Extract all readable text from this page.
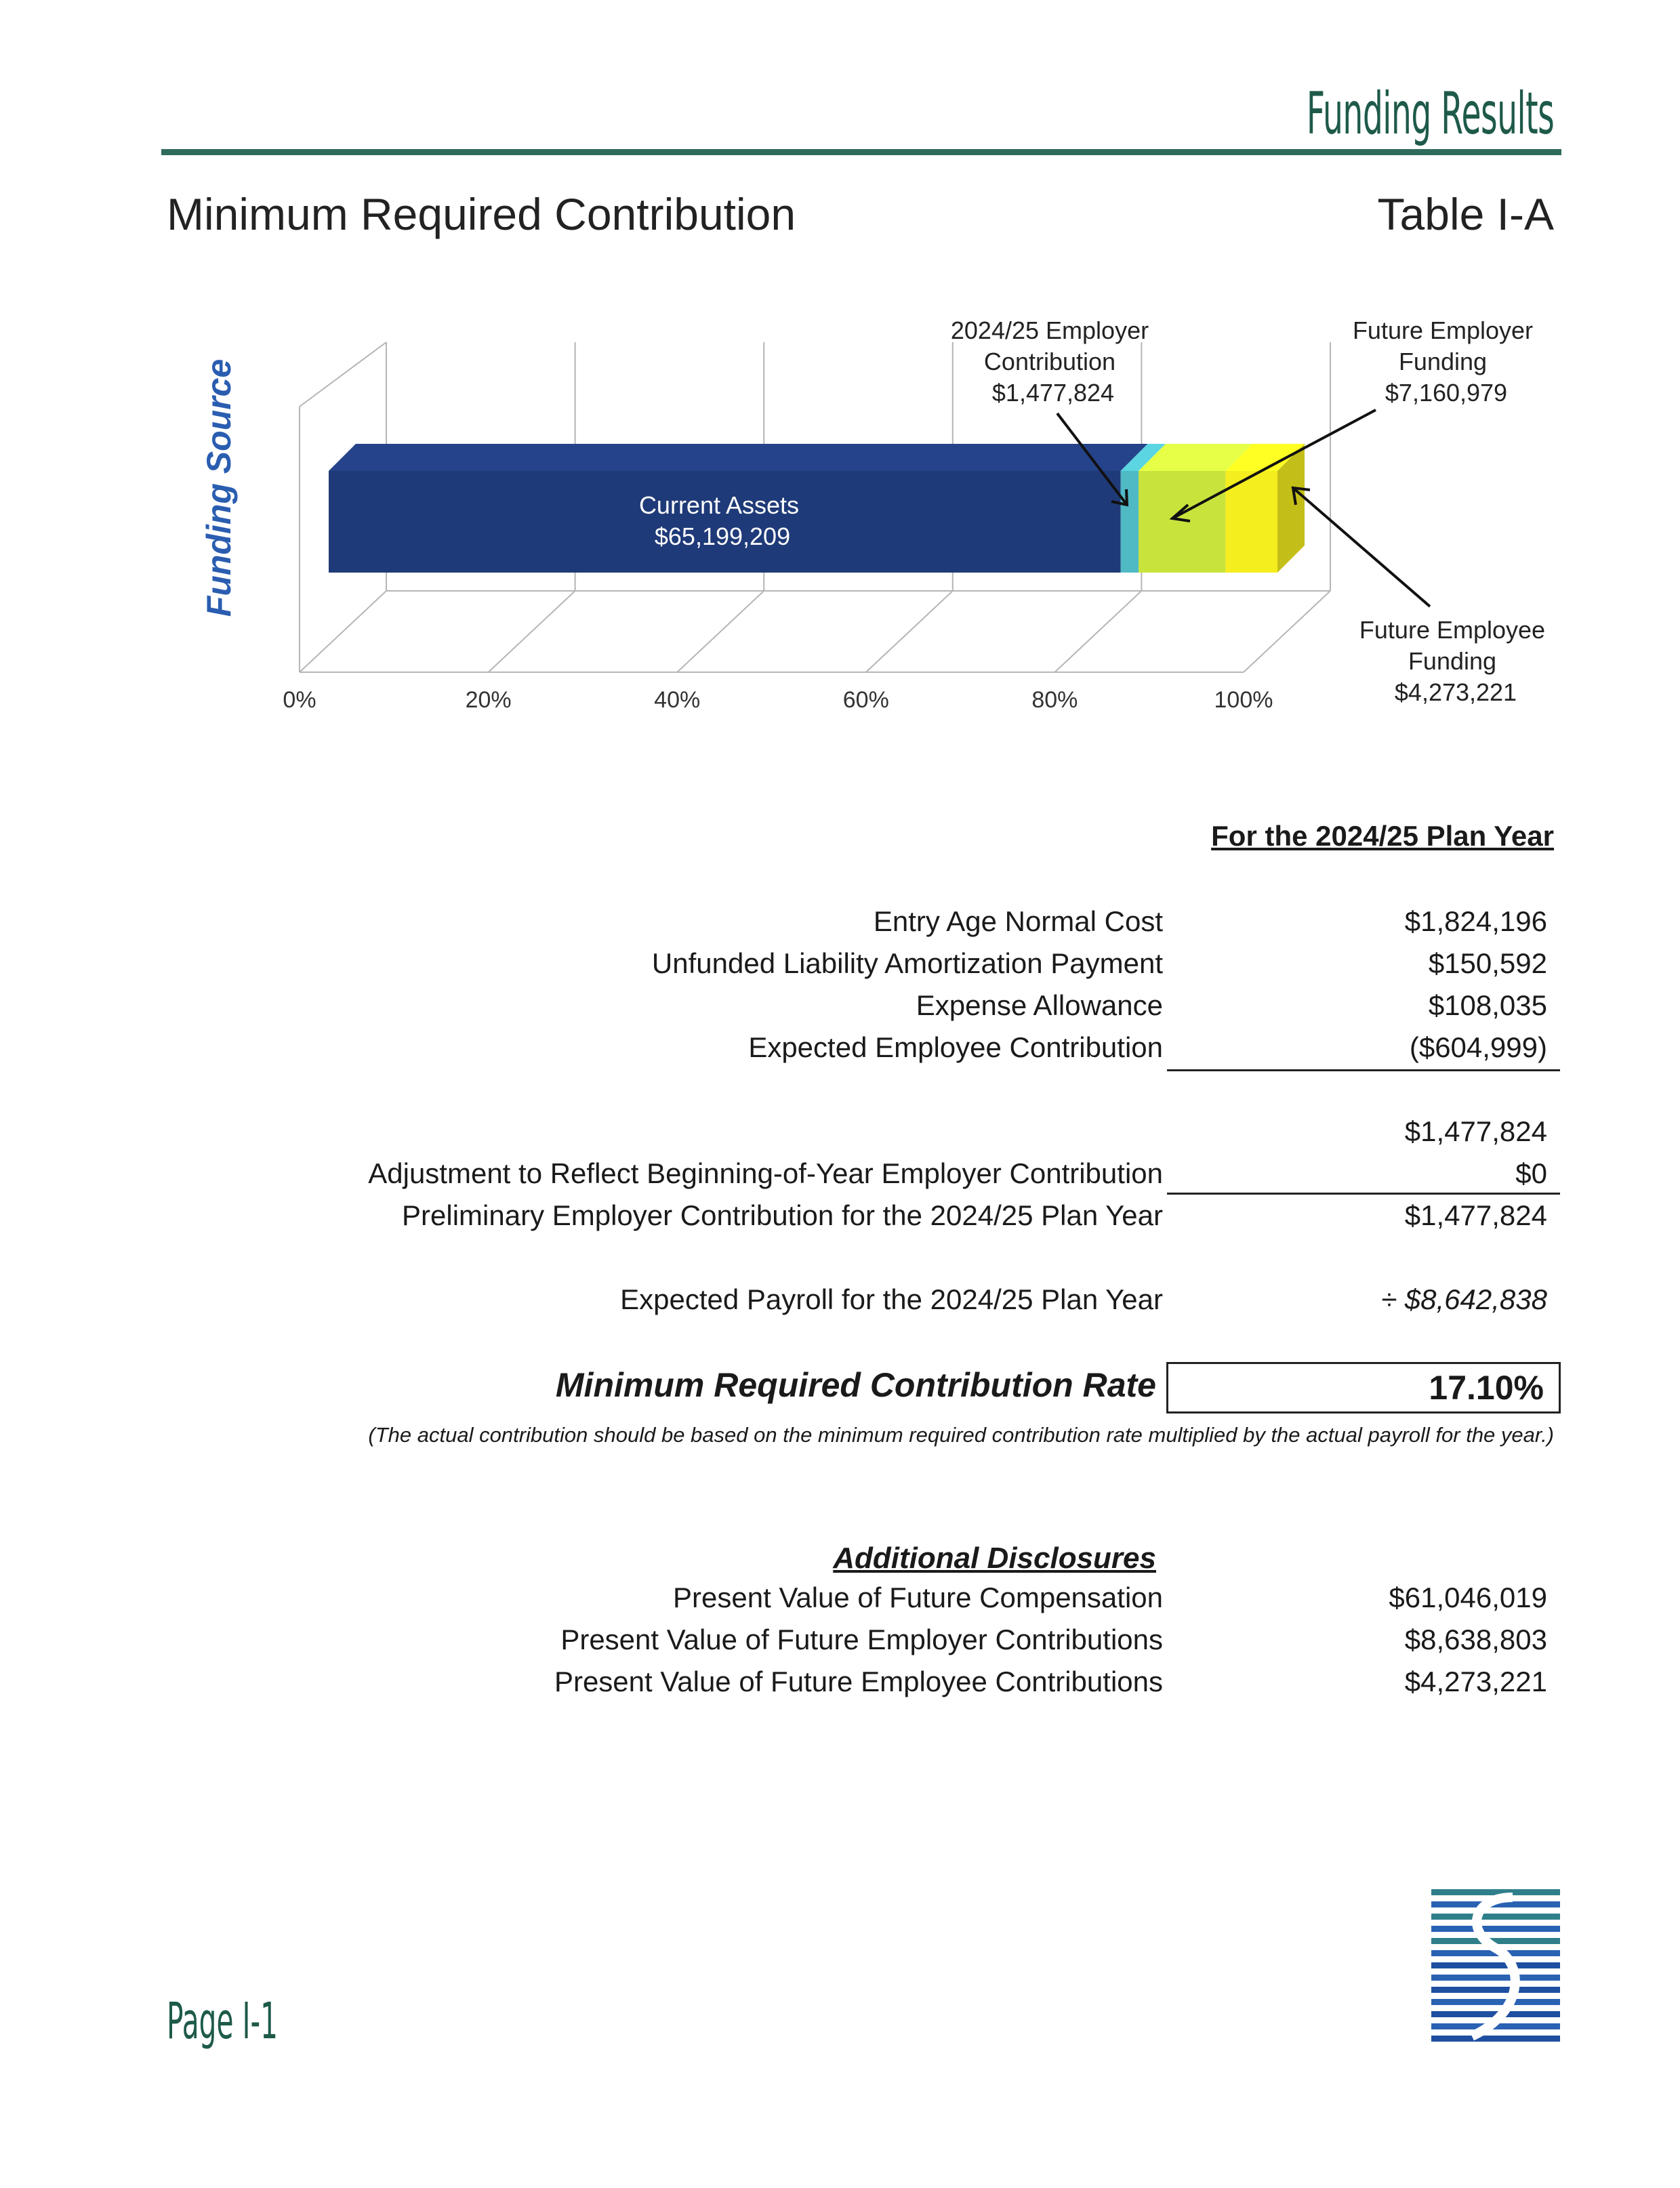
Funding Results
Minimum Required Contribution	Table I-A
Funding Source
0%	20%	40%	60%	80%	100%
Current Assets $65,199,209
2024/25 Employer Contribution $1,477,824
Future Employer Funding $7,160,979
Future Employee Funding $4,273,221
For the 2024/25 Plan Year
Entry Age Normal Cost	$1,824,196
Unfunded Liability Amortization Payment	$150,592
Expense Allowance	$108,035
Expected Employee Contribution	($604,999)
$1,477,824
Adjustment to Reflect Beginning-of-Year Employer Contribution	$0
Preliminary Employer Contribution for the 2024/25 Plan Year	$1,477,824
Expected Payroll for the 2024/25 Plan Year	÷ $8,642,838
Minimum Required Contribution Rate	17.10%
(The actual contribution should be based on the minimum required contribution rate multiplied by the actual payroll for the year.)
Additional Disclosures
Present Value of Future Compensation	$61,046,019
Present Value of Future Employer Contributions	$8,638,803
Present Value of Future Employee Contributions	$4,273,221
Page I-1
